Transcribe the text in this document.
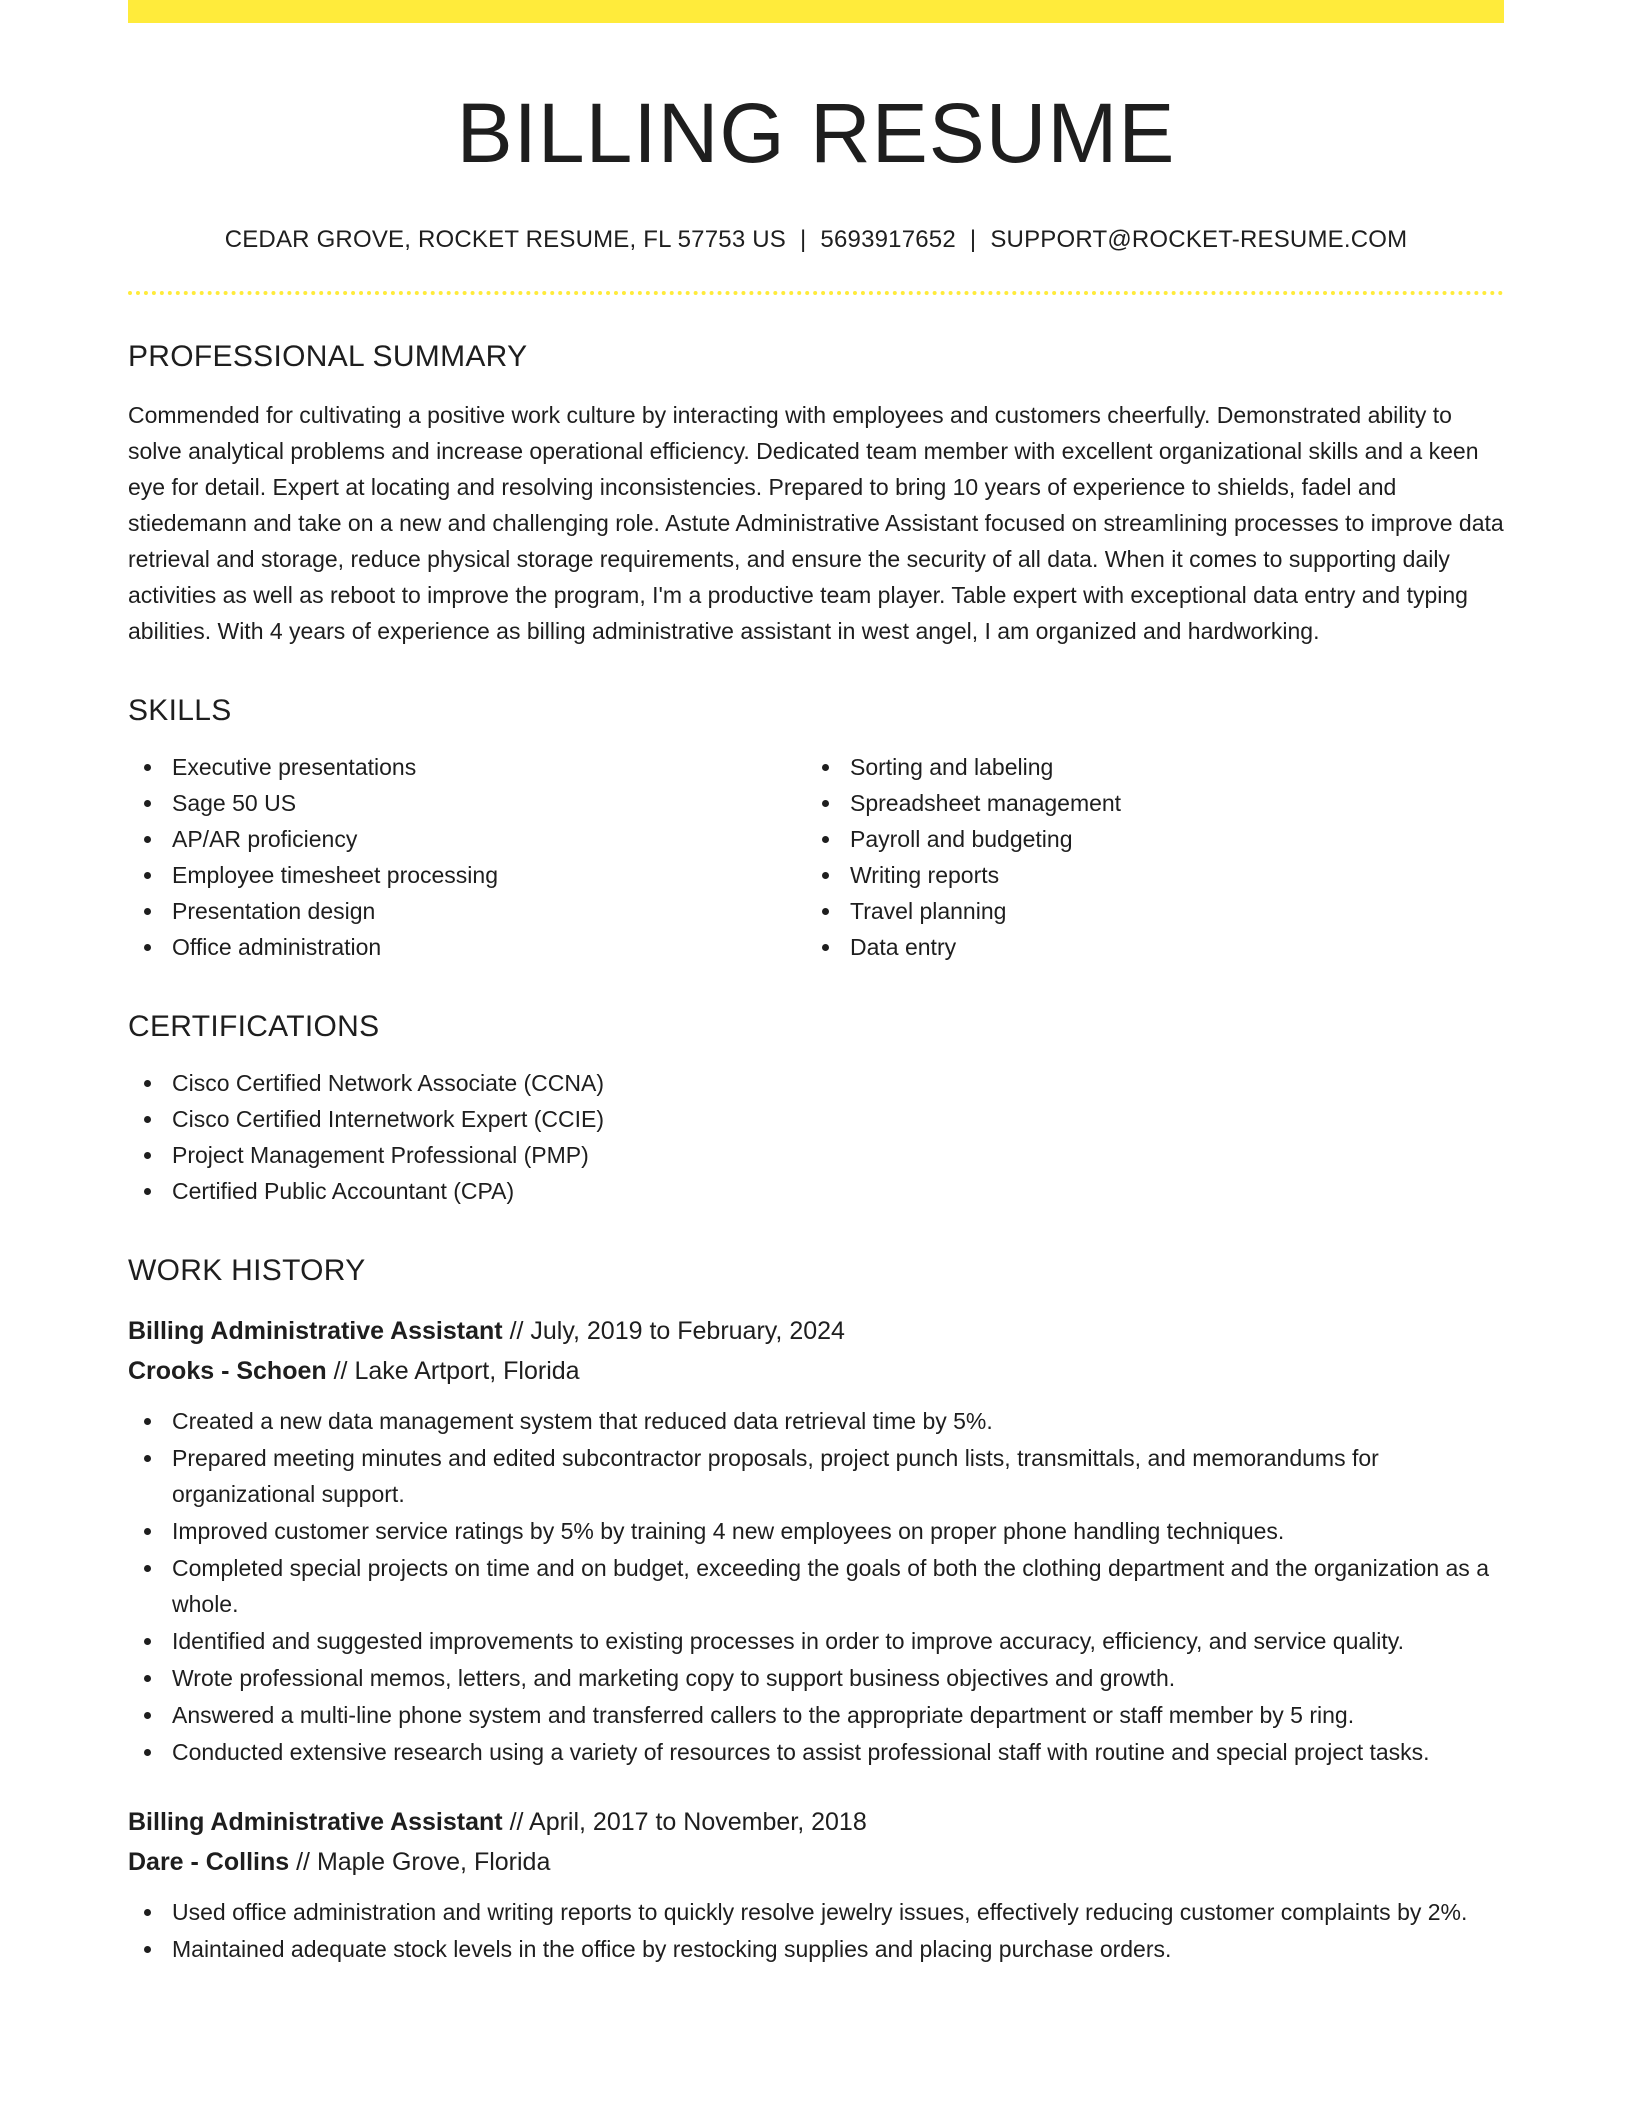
BILLING RESUME
CEDAR GROVE, ROCKET RESUME, FL 57753 US | 5693917652 | SUPPORT@ROCKET-RESUME.COM
PROFESSIONAL SUMMARY

Commended for cultivating a positive work culture by interacting with employees and customers cheerfully. Demonstrated ability to solve analytical problems and increase operational efficiency. Dedicated team member with excellent organizational skills and a keen eye for detail. Expert at locating and resolving inconsistencies. Prepared to bring 10 years of experience to shields, fadel and stiedemann and take on a new and challenging role. Astute Administrative Assistant focused on streamlining processes to improve data retrieval and storage, reduce physical storage requirements, and ensure the security of all data. When it comes to supporting daily activities as well as reboot to improve the program, I'm a productive team player. Table expert with exceptional data entry and typing abilities. With 4 years of experience as billing administrative assistant in west angel, I am organized and hardworking.

SKILLS
Executive presentations
Sage 50 US
AP/AR proficiency
Employee timesheet processing
Presentation design
Office administration
Sorting and labeling
Spreadsheet management
Payroll and budgeting
Writing reports
Travel planning
Data entry
CERTIFICATIONS
Cisco Certified Network Associate (CCNA)
Cisco Certified Internetwork Expert (CCIE)
Project Management Professional (PMP)
Certified Public Accountant (CPA)
WORK HISTORY
Billing Administrative Assistant // July, 2019 to February, 2024
Crooks - Schoen // Lake Artport, Florida
Created a new data management system that reduced data retrieval time by 5%.
Prepared meeting minutes and edited subcontractor proposals, project punch lists, transmittals, and memorandums for organizational support.
Improved customer service ratings by 5% by training 4 new employees on proper phone handling techniques.
Completed special projects on time and on budget, exceeding the goals of both the clothing department and the organization as a whole.
Identified and suggested improvements to existing processes in order to improve accuracy, efficiency, and service quality.
Wrote professional memos, letters, and marketing copy to support business objectives and growth.
Answered a multi-line phone system and transferred callers to the appropriate department or staff member by 5 ring.
Conducted extensive research using a variety of resources to assist professional staff with routine and special project tasks.
Billing Administrative Assistant // April, 2017 to November, 2018
Dare - Collins // Maple Grove, Florida
Used office administration and writing reports to quickly resolve jewelry issues, effectively reducing customer complaints by 2%.
Maintained adequate stock levels in the office by restocking supplies and placing purchase orders.
